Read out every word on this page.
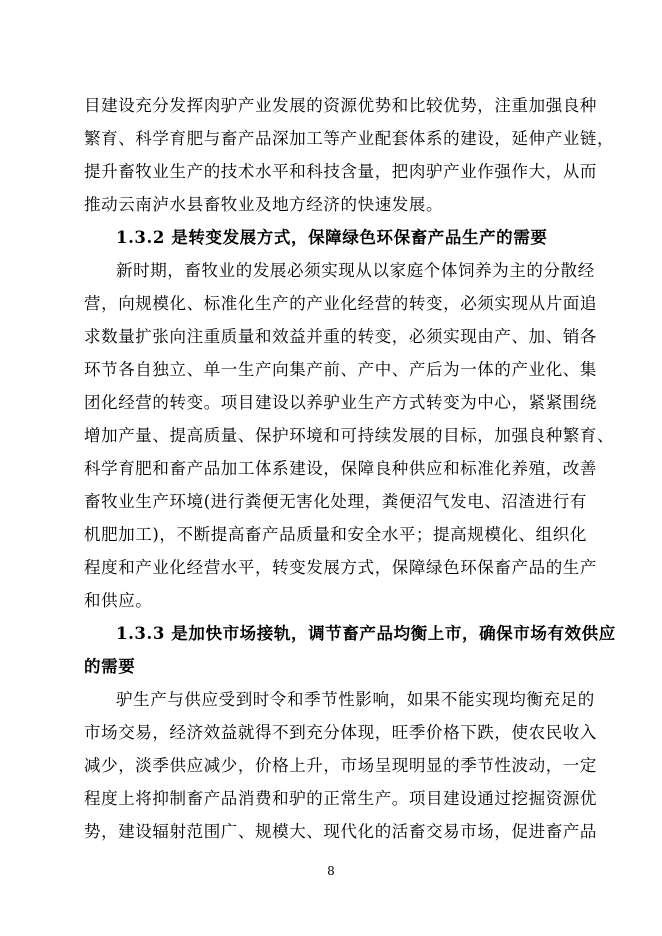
目建设充分发挥肉驴产业发展的资源优势和比较优势，注重加强良种
繁育、科学育肥与畜产品深加工等产业配套体系的建设，延伸产业链，
提升畜牧业生产的技术水平和科技含量，把肉驴产业作强作大，从而
推动云南泸水县畜牧业及地方经济的快速发展。
1.3.2 是转变发展方式，保障绿色环保畜产品生产的需要
新时期，畜牧业的发展必须实现从以家庭个体饲养为主的分散经
营，向规模化、标准化生产的产业化经营的转变，必须实现从片面追
求数量扩张向注重质量和效益并重的转变，必须实现由产、加、销各
环节各自独立、单一生产向集产前、产中、产后为一体的产业化、集
团化经营的转变。项目建设以养驴业生产方式转变为中心，紧紧围绕
增加产量、提高质量、保护环境和可持续发展的目标，加强良种繁育、
科学育肥和畜产品加工体系建设，保障良种供应和标准化养殖，改善
畜牧业生产环境(进行粪便无害化处理，粪便沼气发电、沼渣进行有
机肥加工)，不断提高畜产品质量和安全水平；提高规模化、组织化
程度和产业化经营水平，转变发展方式，保障绿色环保畜产品的生产
和供应。
1.3.3 是加快市场接轨，调节畜产品均衡上市，确保市场有效供应
的需要
驴生产与供应受到时令和季节性影响，如果不能实现均衡充足的
市场交易，经济效益就得不到充分体现，旺季价格下跌，使农民收入
减少，淡季供应减少，价格上升，市场呈现明显的季节性波动，一定
程度上将抑制畜产品消费和驴的正常生产。项目建设通过挖掘资源优
势，建设辐射范围广、规模大、现代化的活畜交易市场，促进畜产品
8
